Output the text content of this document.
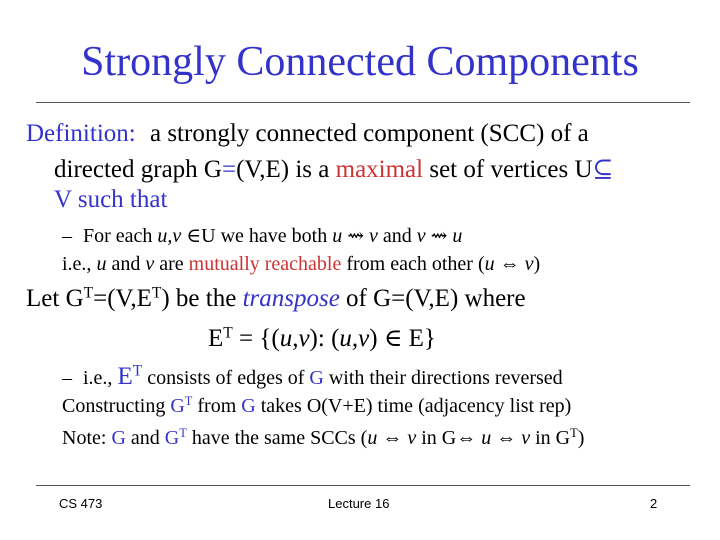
Strongly Connected Components
Definition: a strongly connected component (SCC) of a
directed graph G=(V,E) is a maximal set of vertices U⊆
V such that
– For each u,v ∈U we have both u ⇝ v and v ⇝ u
i.e., u and v are mutually reachable from each other (u ⇔ v)
Let $G^T=(V,E^T)$ be the transpose of G=(V,E) where
$E^T = \{(u,v)$: (u,v) ∈ E}
– i.e., $E^T$ consists of edges of G with their directions reversed
Constructing $G^T$ from G takes O(V+E) time (adjacency list rep)
Note: G and $G^T$ have the same SCCs (u ⇔ v in G⇔ u ⇔ v in $G^T$)
CS 473	Lecture 16	2
